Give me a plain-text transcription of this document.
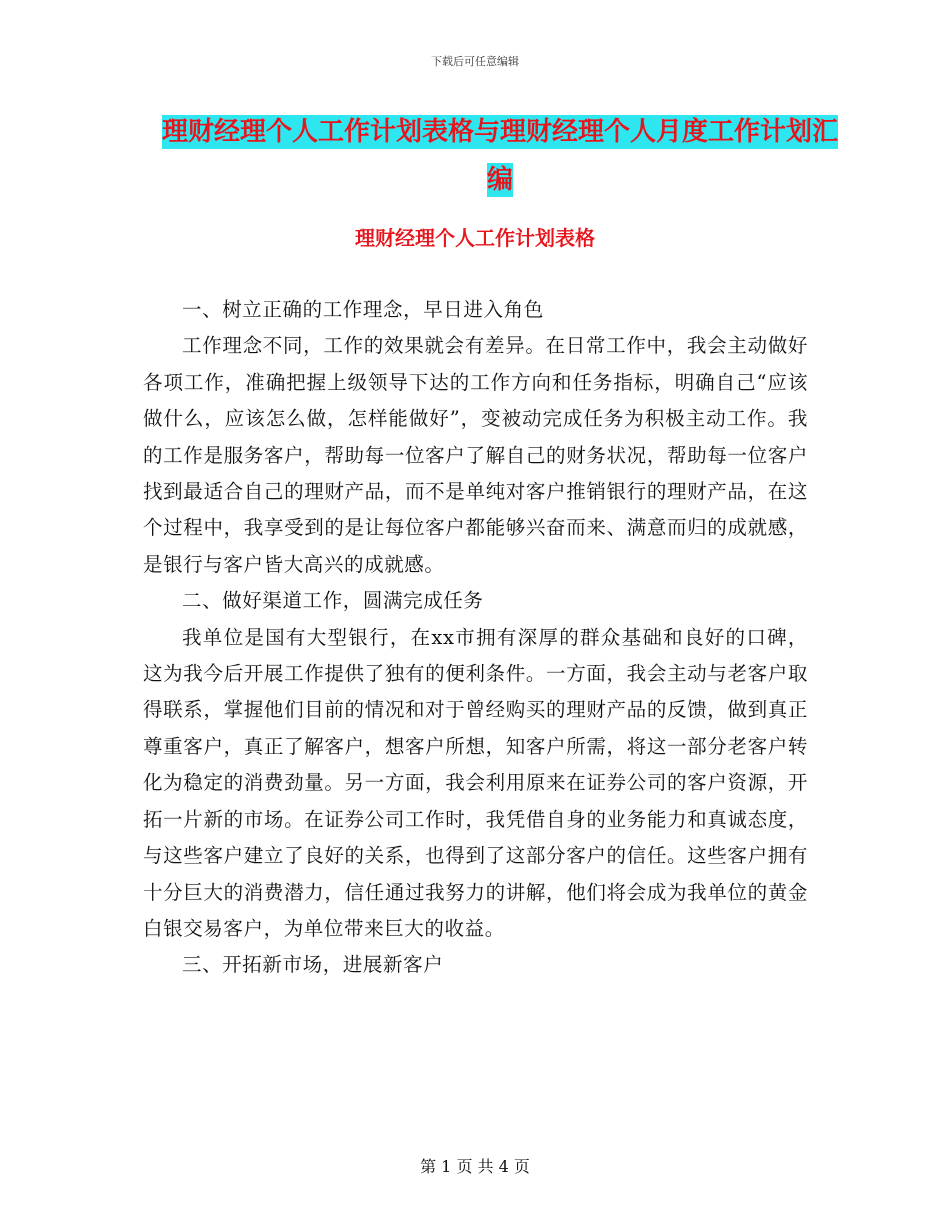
下载后可任意编辑
理财经理个人工作计划表格与理财经理个人月度工作计划汇编
理财经理个人工作计划表格

一、树立正确的工作理念，早日进入角色

工作理念不同，工作的效果就会有差异。在日常工作中，我会主动做好各项工作，准确把握上级领导下达的工作方向和任务指标，明确自己“应该做什么，应该怎么做，怎样能做好”，变被动完成任务为积极主动工作。我的工作是服务客户，帮助每一位客户了解自己的财务状况，帮助每一位客户找到最适合自己的理财产品，而不是单纯对客户推销银行的理财产品，在这个过程中，我享受到的是让每位客户都能够兴奋而来、满意而归的成就感，是银行与客户皆大高兴的成就感。

二、做好渠道工作，圆满完成任务

我单位是国有大型银行，在xx市拥有深厚的群众基础和良好的口碑，这为我今后开展工作提供了独有的便利条件。一方面，我会主动与老客户取得联系，掌握他们目前的情况和对于曾经购买的理财产品的反馈，做到真正尊重客户，真正了解客户，想客户所想，知客户所需，将这一部分老客户转化为稳定的消费劲量。另一方面，我会利用原来在证券公司的客户资源，开拓一片新的市场。在证券公司工作时，我凭借自身的业务能力和真诚态度，与这些客户建立了良好的关系，也得到了这部分客户的信任。这些客户拥有十分巨大的消费潜力，信任通过我努力的讲解，他们将会成为我单位的黄金白银交易客户，为单位带来巨大的收益。

三、开拓新市场，进展新客户

第 1 页 共 4 页
